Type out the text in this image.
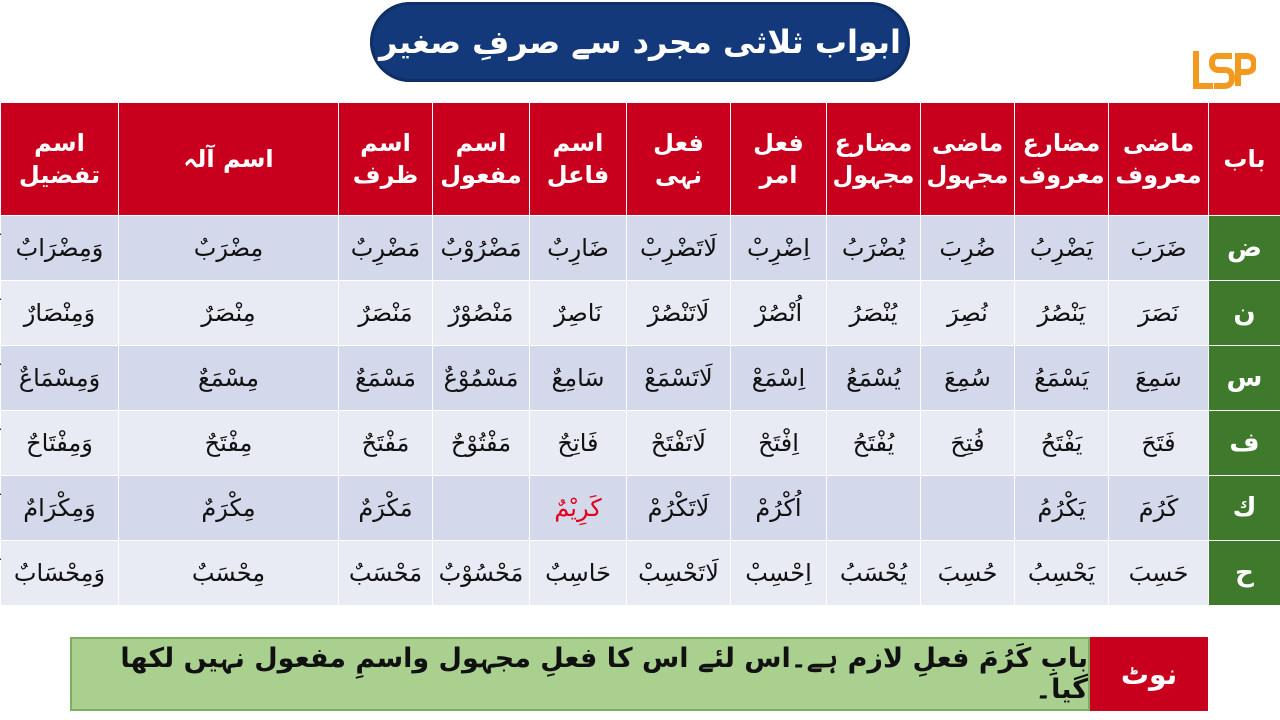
ابواب ثلاثی مجرد سے صرفِ صغیر
باب	ماضی معروف	مضارع معروف	ماضی مجہول	مضارع مجہول	فعل امر	فعل نہی	اسم فاعل	اسم مفعول	اسم ظرف	اسم آلہ	اسم تفضیل	
ض	ضَرَبَ	يَضْرِبُ	ضُرِبَ	يُضْرَبُ	اِضْرِبْ	لَاتَضْرِبْ	ضَارِبٌ	مَضْرُوْبٌ	مَضْرِبٌ	مِضْرَبٌ	وَمِضْرَابٌ	
ن	نَصَرَ	يَنْصُرُ	نُصِرَ	يُنْصَرُ	اُنْصُرْ	لَاتَنْصُرْ	نَاصِرٌ	مَنْصُوْرٌ	مَنْصَرٌ	مِنْصَرٌ	وَمِنْصَارٌ	
س	سَمِعَ	يَسْمَعُ	سُمِعَ	يُسْمَعُ	اِسْمَعْ	لَاتَسْمَعْ	سَامِعٌ	مَسْمُوْعٌ	مَسْمَعٌ	مِسْمَعٌ	وَمِسْمَاعٌ	
ف	فَتَحَ	يَفْتَحُ	فُتِحَ	يُفْتَحُ	اِفْتَحْ	لَاتَفْتَحْ	فَاتِحٌ	مَفْتُوْحٌ	مَفْتَحٌ	مِفْتَحٌ	وَمِفْتَاحٌ	
ك	كَرُمَ	يَكْرُمُ			اُكْرُمْ	لَاتَكْرُمْ	كَرِيْمٌ		مَكْرَمٌ	مِكْرَمٌ	وَمِكْرَامٌ	
ح	حَسِبَ	يَحْسِبُ	حُسِبَ	يُحْسَبُ	اِحْسِبْ	لَاتَحْسِبْ	حَاسِبٌ	مَحْسُوْبٌ	مَحْسَبٌ	مِحْسَبٌ	وَمِحْسَابٌ	
نوٹ
بابِ کَرُمَ فعلِ لازم ہے۔اس لئے اس کا فعلِ مجہول واسمِ مفعول نہیں لکھا گیا۔
